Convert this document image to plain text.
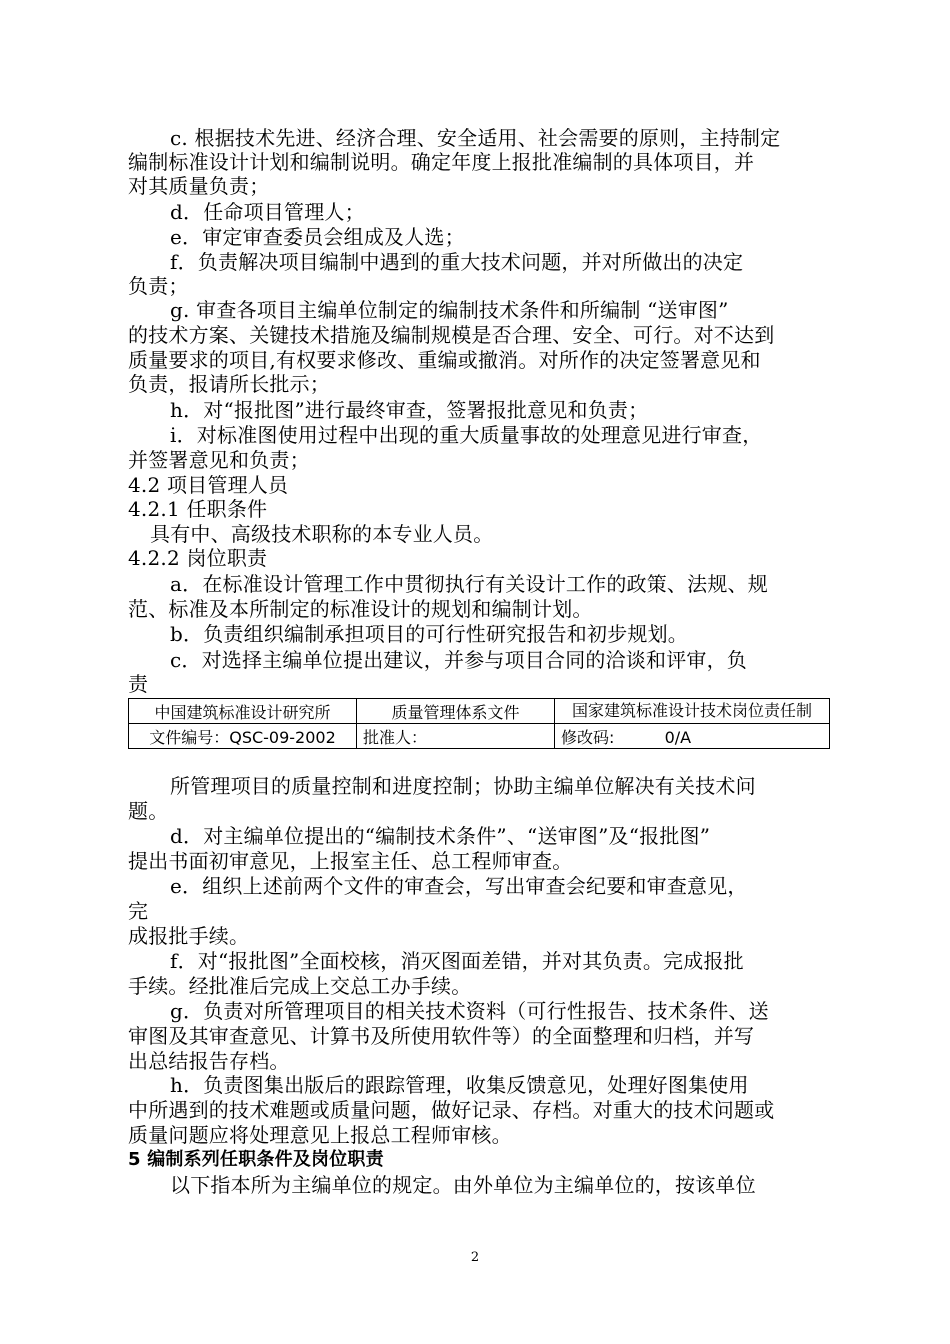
c. 根据技术先进、经济合理、安全适用、社会需要的原则，主持制定
编制标准设计计划和编制说明。确定年度上报批准编制的具体项目，并
对其质量负责；
d．任命项目管理人；
e．审定审查委员会组成及人选；
f．负责解决项目编制中遇到的重大技术问题，并对所做出的决定
负责；
g. 审查各项目主编单位制定的编制技术条件和所编制 “送审图”
的技术方案、关键技术措施及编制规模是否合理、安全、可行。对不达到
质量要求的项目,有权要求修改、重编或撤消。对所作的决定签署意见和
负责，报请所长批示；
h．对“报批图”进行最终审查，签署报批意见和负责；
i．对标准图使用过程中出现的重大质量事故的处理意见进行审查，
并签署意见和负责；
4.2 项目管理人员
4.2.1 任职条件
具有中、高级技术职称的本专业人员。
4.2.2 岗位职责
a．在标准设计管理工作中贯彻执行有关设计工作的政策、法规、规
范、标准及本所制定的标准设计的规划和编制计划。
b．负责组织编制承担项目的可行性研究报告和初步规划。
c．对选择主编单位提出建议，并参与项目合同的洽谈和评审，负
责
中国建筑标准设计研究所	质量管理体系文件	国家建筑标准设计技术岗位责任制
文件编号：QSC-09-2002	批准人：	修改码: 0/A
所管理项目的质量控制和进度控制；协助主编单位解决有关技术问
题。
d．对主编单位提出的“编制技术条件”、“送审图”及“报批图”
提出书面初审意见，上报室主任、总工程师审查。
e．组织上述前两个文件的审查会，写出审查会纪要和审查意见，
完
成报批手续。
f．对“报批图”全面校核，消灭图面差错，并对其负责。完成报批
手续。经批准后完成上交总工办手续。
g．负责对所管理项目的相关技术资料（可行性报告、技术条件、送
审图及其审查意见、计算书及所使用软件等）的全面整理和归档，并写
出总结报告存档。
h．负责图集出版后的跟踪管理，收集反馈意见，处理好图集使用
中所遇到的技术难题或质量问题，做好记录、存档。对重大的技术问题或
质量问题应将处理意见上报总工程师审核。
5 编制系列任职条件及岗位职责
以下指本所为主编单位的规定。由外单位为主编单位的，按该单位
2
